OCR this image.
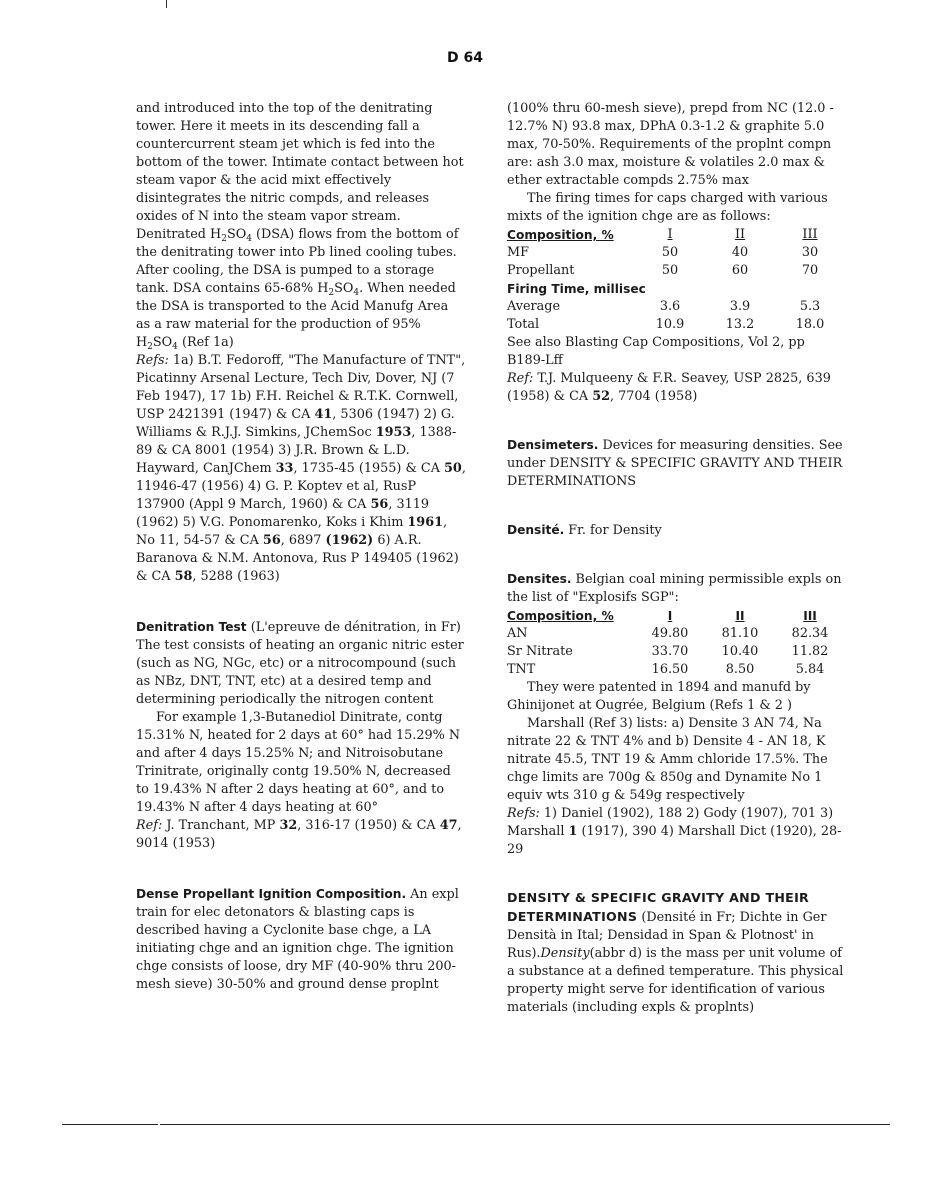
D 64

and introduced into the top of the denitrating tower. Here it meets in its descending fall a countercurrent steam jet which is fed into the bottom of the tower. Intimate contact between hot steam vapor & the acid mixt effectively disintegrates the nitric compds, and releases oxides of N into the steam vapor stream. Denitrated $H_2SO_4$ (DSA) flows from the bottom of the denitrating tower into Pb lined cooling tubes. After cooling, the DSA is pumped to a storage tank. DSA contains 65-68% $H_2SO_4$. When needed the DSA is transported to the Acid Manufg Area as a raw material for the production of 95% $H_2SO_4$ (Ref 1a)

Refs: 1a) B.T. Fedoroff, "The Manufacture of TNT", Picatinny Arsenal Lecture, Tech Div, Dover, NJ (7 Feb 1947), 17 1b) F.H. Reichel & R.T.K. Cornwell, USP 2421391 (1947) & CA 41, 5306 (1947) 2) G. Williams & R.J.J. Simkins, JChemSoc 1953, 1388-89 & CA 8001 (1954) 3) J.R. Brown & L.D. Hayward, CanJChem 33, 1735-45 (1955) & CA 50, 11946-47 (1956) 4) G. P. Koptev et al, RusP 137900 (Appl 9 March, 1960) & CA 56, 3119 (1962) 5) V.G. Ponomarenko, Koks i Khim 1961, No 11, 54-57 & CA 56, 6897 (1962) 6) A.R. Baranova & N.M. Antonova, Rus P 149405 (1962) & CA 58, 5288 (1963)

Denitration Test (L'epreuve de dénitration, in Fr) The test consists of heating an organic nitric ester (such as NG, NGc, etc) or a nitrocompound (such as NBz, DNT, TNT, etc) at a desired temp and determining periodically the nitrogen content

For example 1,3-Butanediol Dinitrate, contg 15.31% N, heated for 2 days at 60° had 15.29% N and after 4 days 15.25% N; and Nitroisobutane Trinitrate, originally contg 19.50% N, decreased to 19.43% N after 2 days heating at 60°, and to 19.43% N after 4 days heating at 60°

Ref: J. Tranchant, MP 32, 316-17 (1950) & CA 47, 9014 (1953)

Dense Propellant Ignition Composition. An expl train for elec detonators & blasting caps is described having a Cyclonite base chge, a LA initiating chge and an ignition chge. The ignition chge consists of loose, dry MF (40-90% thru 200-mesh sieve) 30-50% and ground dense proplnt

(100% thru 60-mesh sieve), prepd from NC (12.0 - 12.7% N) 93.8 max, DPhA 0.3-1.2 & graphite 5.0 max, 70-50%. Requirements of the proplnt compn are: ash 3.0 max, moisture & volatiles 2.0 max & ether extractable compds 2.75% max

The firing times for caps charged with various mixts of the ignition chge are as follows:

Composition, %	I	II	III
MF	50	40	30
Propellant	50	60	70
Firing Time, millisec			
Average	3.6	3.9	5.3
Total	10.9	13.2	18.0

See also Blasting Cap Compositions, Vol 2, pp B189-Lff

Ref: T.J. Mulqueeny & F.R. Seavey, USP 2825, 639 (1958) & CA 52, 7704 (1958)

Densimeters. Devices for measuring densities. See under DENSITY & SPECIFIC GRAVITY AND THEIR DETERMINATIONS

Densité. Fr. for Density

Densites. Belgian coal mining permissible expls on the list of "Explosifs SGP":

Composition, %	I	II	III
AN	49.80	81.10	82.34
Sr Nitrate	33.70	10.40	11.82
TNT	16.50	8.50	5.84

They were patented in 1894 and manufd by Ghinijonet at Ougrée, Belgium (Refs 1 & 2 )

Marshall (Ref 3) lists: a) Densite 3 AN 74, Na nitrate 22 & TNT 4% and b) Densite 4 - AN 18, K nitrate 45.5, TNT 19 & Amm chloride 17.5%. The chge limits are 700g & 850g and Dynamite No 1 equiv wts 310 g & 549g respectively

Refs: 1) Daniel (1902), 188 2) Gody (1907), 701 3) Marshall 1 (1917), 390 4) Marshall Dict (1920), 28-29

DENSITY & SPECIFIC GRAVITY AND THEIR DETERMINATIONS (Densité in Fr; Dichte in Ger Densità in Ital; Densidad in Span & Plotnost' in Rus).Density(abbr d) is the mass per unit volume of a substance at a defined temperature. This physical property might serve for identification of various materials (including expls & proplnts)
